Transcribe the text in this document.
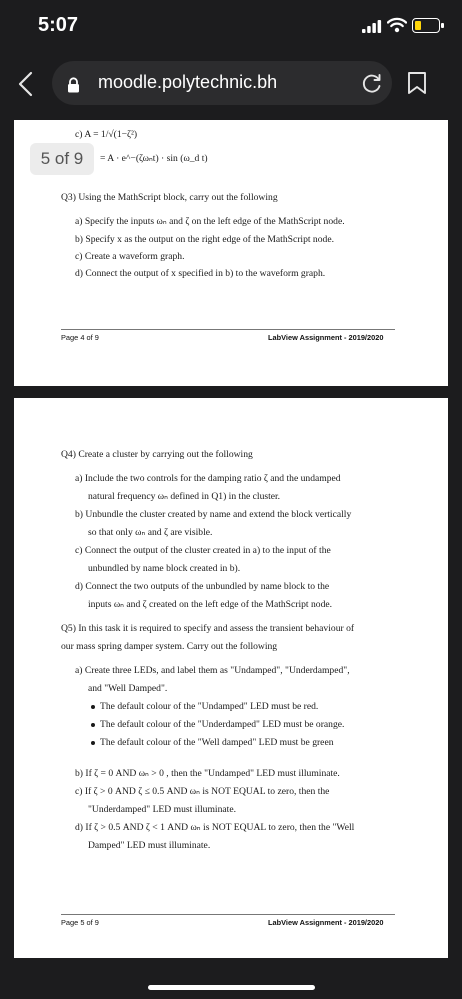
5:07
moodle.polytechnic.bh
c) A = 1/√(1−ζ²)
= A · e^−(ζωₙt) · sin (ω_d t)
Q3) Using the MathScript block, carry out the following
a) Specify the inputs ωₙ and ζ on the left edge of the MathScript node.
b) Specify x as the output on the right edge of the MathScript node.
c) Create a waveform graph.
d) Connect the output of x specified in b) to the waveform graph.
Page 4 of 9	LabView Assignment - 2019/2020
5 of 9
Q4) Create a cluster by carrying out the following
a) Include the two controls for the damping ratio ζ and the undamped
natural frequency ωₙ defined in Q1) in the cluster.
b) Unbundle the cluster created by name and extend the block vertically
so that only ωₙ and ζ are visible.
c) Connect the output of the cluster created in a) to the input of the
unbundled by name block created in b).
d) Connect the two outputs of the unbundled by name block to the
inputs ωₙ and ζ created on the left edge of the MathScript node.
Q5) In this task it is required to specify and assess the transient behaviour of
our mass spring damper system. Carry out the following
a) Create three LEDs, and label them as "Undamped", "Underdamped",
and "Well Damped".
The default colour of the "Undamped" LED must be red.
The default colour of the "Underdamped" LED must be orange.
The default colour of the "Well damped" LED must be green
b) If ζ = 0 AND ωₙ > 0 , then the "Undamped" LED must illuminate.
c) If ζ > 0 AND ζ ≤ 0.5 AND ωₙ is NOT EQUAL to zero, then the
"Underdamped" LED must illuminate.
d) If ζ > 0.5 AND ζ < 1 AND ωₙ is NOT EQUAL to zero, then the "Well
Damped" LED must illuminate.
Page 5 of 9	LabView Assignment - 2019/2020
